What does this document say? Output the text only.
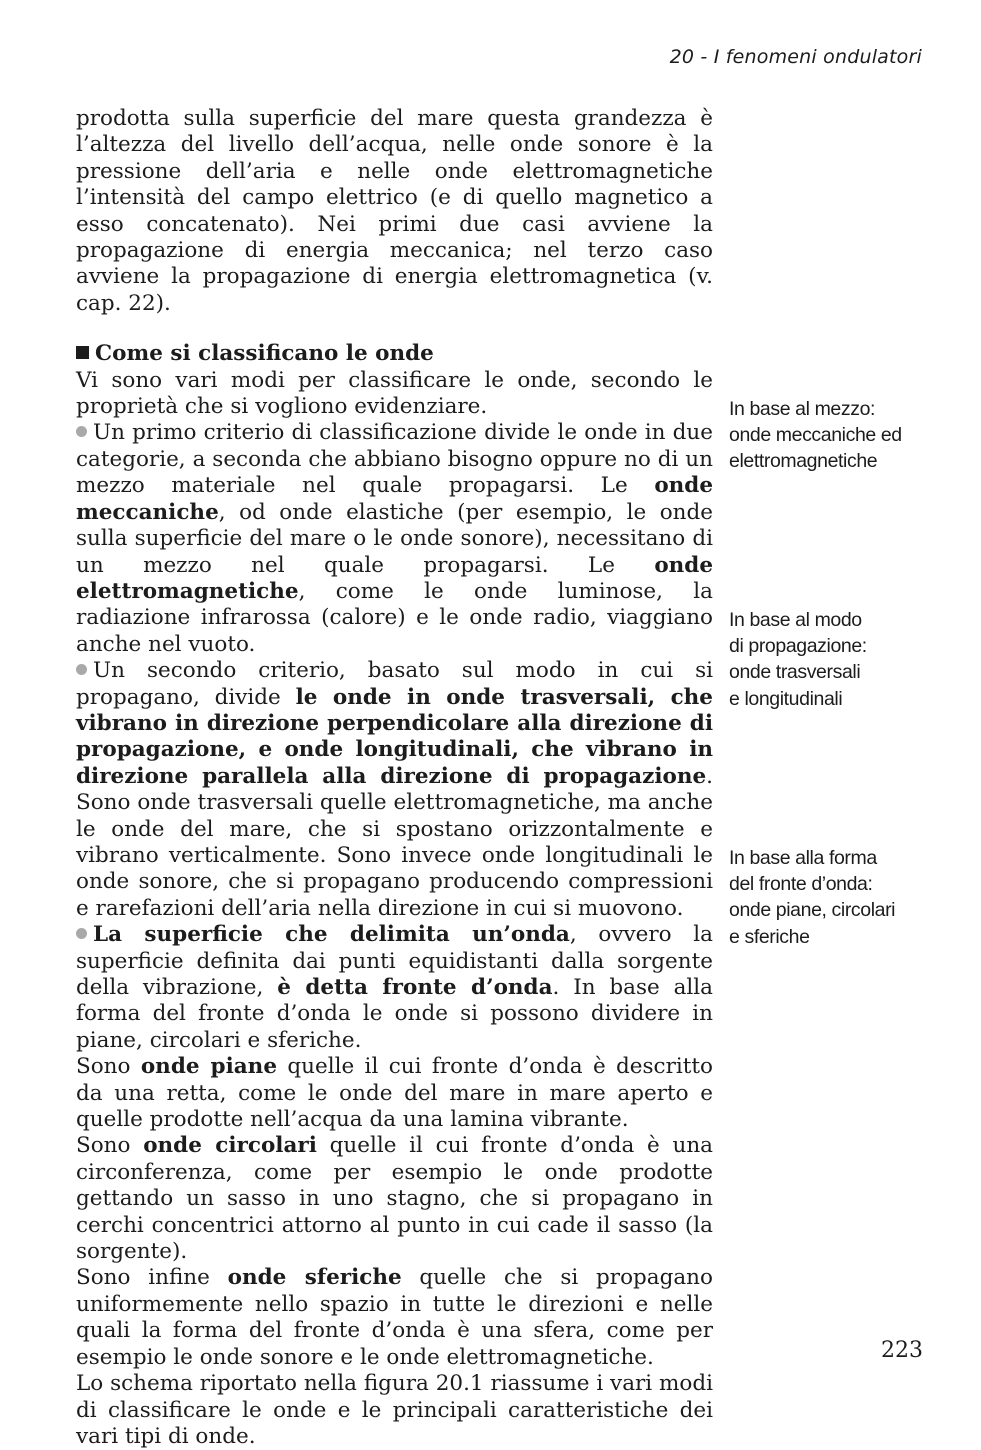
20 - I fenomeni ondulatori

prodotta sulla superficie del mare questa grandezza è l’altezza del livello dell’acqua, nelle onde sonore è la pressione dell’aria e nelle onde elettromagnetiche l’intensità del campo elettrico (e di quello magnetico a esso concatenato). Nei primi due casi avviene la propagazione di energia meccanica; nel terzo caso avviene la propagazione di energia elettromagnetica (v. cap. 22).

Come si classificano le onde

Vi sono vari modi per classificare le onde, secondo le proprietà che si vogliono evidenziare.

Un primo criterio di classificazione divide le onde in due categorie, a seconda che abbiano bisogno oppure no di un mezzo materiale nel quale propagarsi. Le onde meccaniche, od onde elastiche (per esempio, le onde sulla superficie del mare o le onde sonore), necessitano di un mezzo nel quale propagarsi. Le onde elettromagnetiche, come le onde luminose, la radiazione infrarossa (calore) e le onde radio, viaggiano anche nel vuoto.

Un secondo criterio, basato sul modo in cui si propagano, divide le onde in onde trasversali, che vibrano in direzione perpendicolare alla direzione di propagazione, e onde longitudinali, che vibrano in direzione parallela alla direzione di propagazione. Sono onde trasversali quelle elettromagnetiche, ma anche le onde del mare, che si spostano orizzontalmente e vibrano verticalmente. Sono invece onde longitudinali le onde sonore, che si propagano producendo compressioni e rarefazioni dell’aria nella direzione in cui si muovono.

La superficie che delimita un’onda, ovvero la superficie definita dai punti equidistanti dalla sorgente della vibrazione, è detta fronte d’onda. In base alla forma del fronte d’onda le onde si possono dividere in piane, circolari e sferiche.

Sono onde piane quelle il cui fronte d’onda è descritto da una retta, come le onde del mare in mare aperto e quelle prodotte nell’acqua da una lamina vibrante.

Sono onde circolari quelle il cui fronte d’onda è una circonferenza, come per esempio le onde prodotte gettando un sasso in uno stagno, che si propagano in cerchi concentrici attorno al punto in cui cade il sasso (la sorgente).

Sono infine onde sferiche quelle che si propagano uniformemente nello spazio in tutte le direzioni e nelle quali la forma del fronte d’onda è una sfera, come per esempio le onde sonore e le onde elettromagnetiche.

Lo schema riportato nella figura 20.1 riassume i vari modi di classificare le onde e le principali caratteristiche dei vari tipi di onde.

In base al mezzo:
onde meccaniche ed
elettromagnetiche
In base al modo
di propagazione:
onde trasversali
e longitudinali
In base alla forma
del fronte d’onda:
onde piane, circolari
e sferiche
223
